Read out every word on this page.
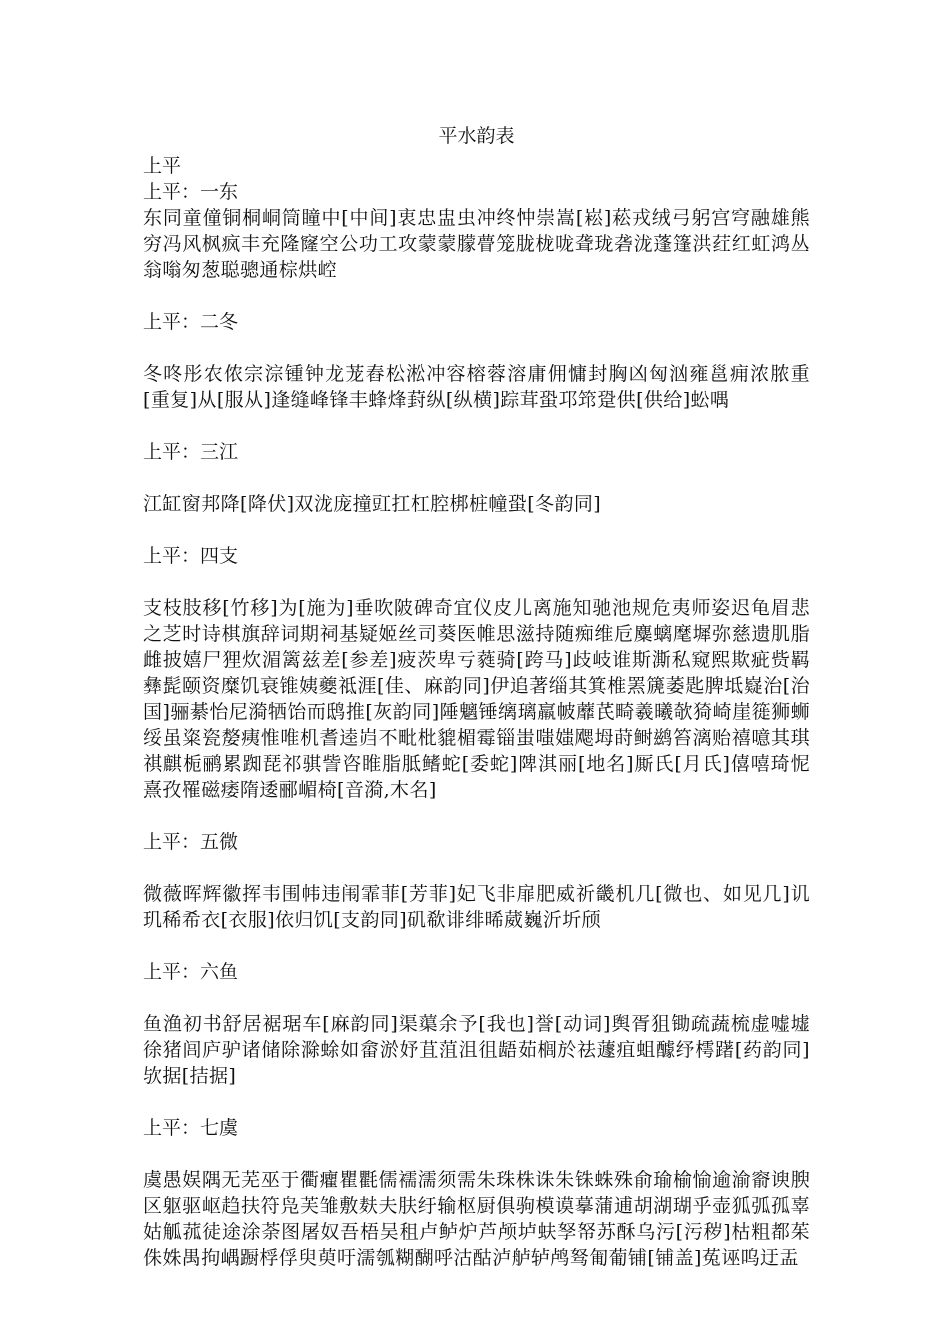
平水韵表
上平
上平：一东
东同童僮铜桐峒筒瞳中[中间]衷忠盅虫冲终忡崇嵩[崧]菘戎绒弓躬宫穹融雄熊穷冯风枫疯丰充隆窿空公功工攻蒙蒙朦瞢笼胧栊咙聋珑砻泷蓬篷洪荭红虹鸿丛翁嗡匆葱聪骢通棕烘崆
上平：二冬
冬咚彤农侬宗淙锺钟龙茏舂松淞冲容榕蓉溶庸佣慵封胸凶匈汹雍邕痈浓脓重[重复]从[服从]逢缝峰锋丰蜂烽葑纵[纵横]踪茸蛩邛筇跫供[供给]蚣喁
上平：三江
江缸窗邦降[降伏]双泷庞撞豇扛杠腔梆桩幢蛩[冬韵同]
上平：四支
支枝肢移[竹移]为[施为]垂吹陂碑奇宜仪皮儿离施知驰池规危夷师姿迟龟眉悲之芝时诗棋旗辞词期祠基疑姬丝司葵医帷思滋持随痴维卮麋螭麾墀弥慈遗肌脂雌披嬉尸狸炊湄篱兹差[参差]疲茨卑亏蕤骑[跨马]歧岐谁斯澌私窥熙欺疵赀羁彝髭颐资糜饥衰锥姨夔祗涯[佳、麻韵同]伊追著缁其箕椎罴篪萎匙脾坻嶷治[治国]骊綦怡尼漪牺饴而鸱推[灰韵同]陲魑锤缡璃羸帔蘼芪畸羲曦欹猗崎崖簁狮蛳绥虽粢瓷嫠痍惟唯机耆逵岿不毗枇貔楣霉锱蚩嗤媸飔坶莳鲥鹚笞漓贻禧噫其琪祺麒栀鹂累踟琵祁骐訾咨睢脂胝鳍蛇[委蛇]陴淇丽[地名]厮氏[月氏]僖嘻琦怩熹孜罹磁痿隋逶郦嵋椅[音漪,木名]
上平：五微
微薇晖辉徽挥韦围帏违闱霏菲[芳菲]妃飞非扉肥威祈畿机几[微也、如见几]讥玑稀希衣[衣服]依归饥[支韵同]矶欷诽绯晞葳巍沂圻颀
上平：六鱼
鱼渔初书舒居裾琚车[麻韵同]渠蕖余予[我也]誉[动词]舆胥狙锄疏蔬梳虚嘘墟徐猪闾庐驴诸储除滁蜍如畲淤妤苴菹沮徂龉茹榈於祛蘧疽蛆醵纾樗躇[药韵同]欤据[拮据]
上平：七虞
虞愚娱隅无芜巫于衢癯瞿氍儒襦濡须需朱珠株诛朱铢蛛殊俞瑜榆愉逾渝窬谀腴区躯驱岖趋扶符凫芙雏敷麸夫肤纡输枢厨俱驹模谟摹蒲逋胡湖瑚乎壶狐弧孤辜姑觚菰徒途涂荼图屠奴吾梧吴租卢鲈炉芦颅垆蚨孥帑苏酥乌污[污秽]枯粗都茱侏姝禺拘嵎蹰桴俘臾萸吁濡瓠糊醐呼沽酤泸舻轳鸬驽匍葡铺[铺盖]菟诬呜迂盂
